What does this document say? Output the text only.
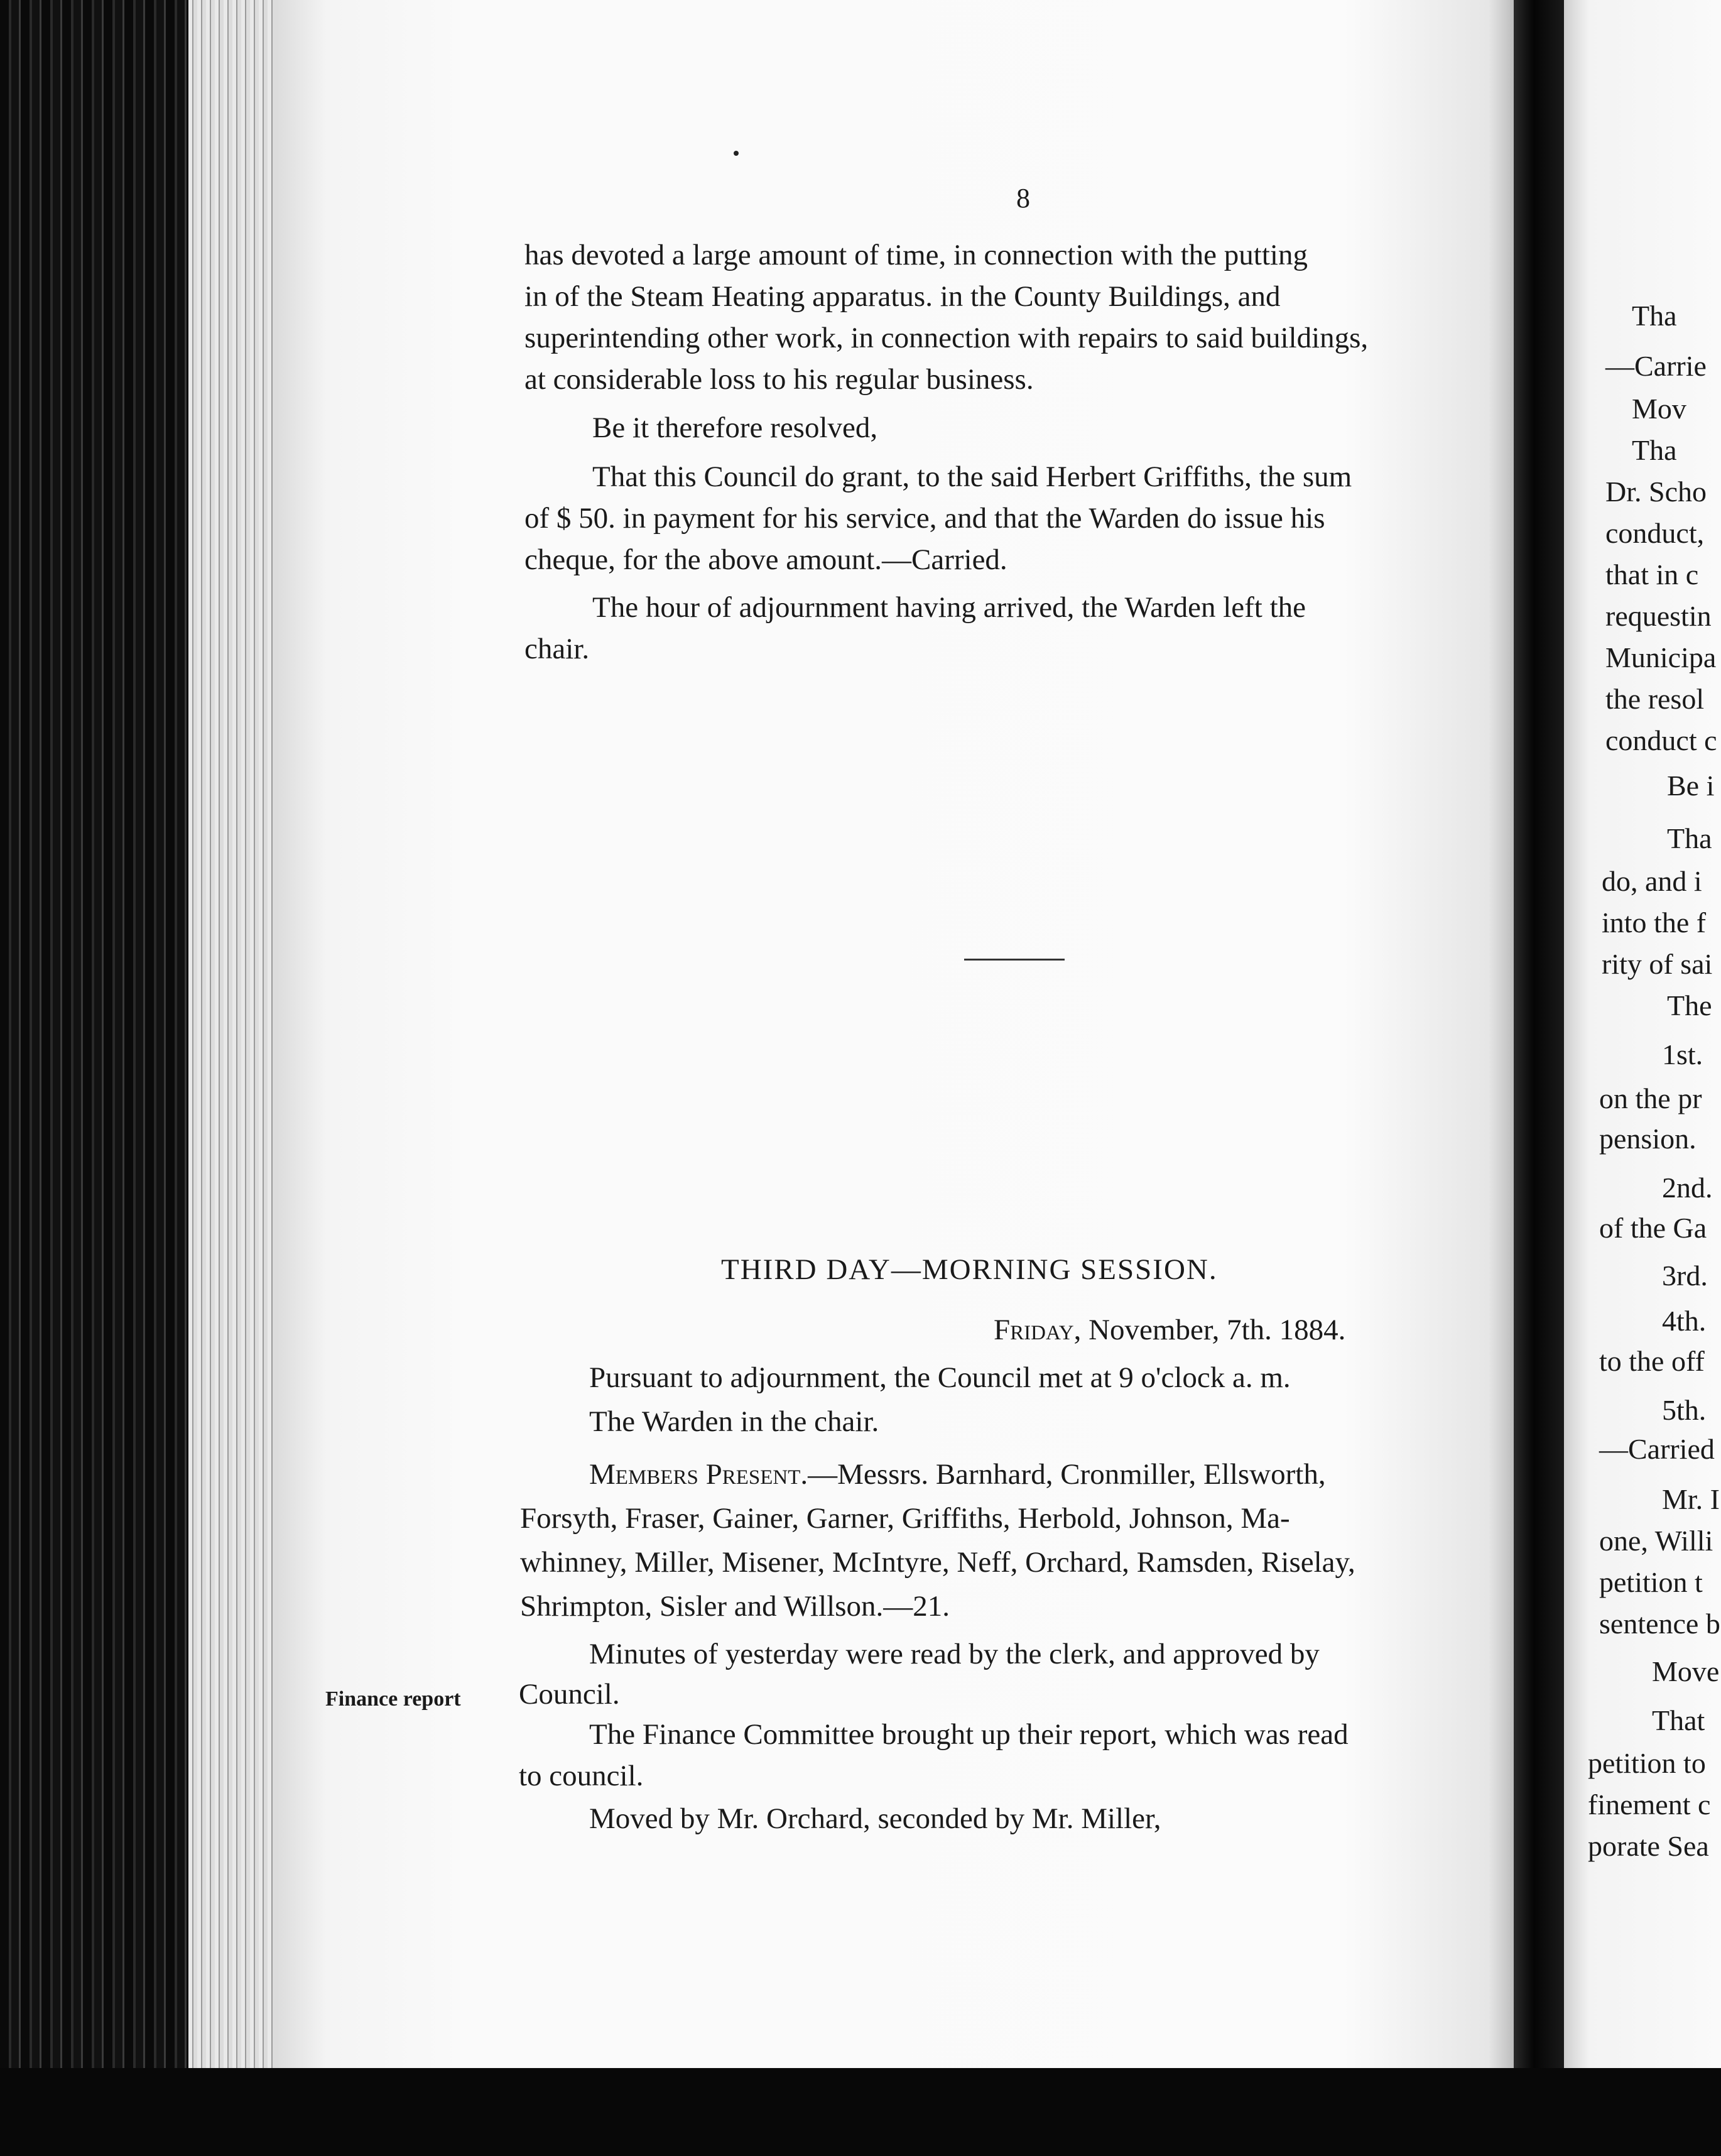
8
has devoted a large amount of time, in connection with the putting
in of the Steam Heating apparatus. in the County Buildings, and
superintending other work, in connection with repairs to said buildings,
at considerable loss to his regular business.
Be it therefore resolved,
That this Council do grant, to the said Herbert Griffiths, the sum
of $ 50. in payment for his service, and that the Warden do issue his
cheque, for the above amount.—Carried.
The hour of adjournment having arrived, the Warden left the
chair.
THIRD DAY—MORNING SESSION.
Friday, November, 7th. 1884.
Pursuant to adjournment, the Council met at 9 o'clock a. m.
The Warden in the chair.
Members Present.—Messrs. Barnhard, Cronmiller, Ellsworth,
Forsyth, Fraser, Gainer, Garner, Griffiths, Herbold, Johnson, Ma-
whinney, Miller, Misener, McIntyre, Neff, Orchard, Ramsden, Riselay,
Shrimpton, Sisler and Willson.—21.
Minutes of yesterday were read by the clerk, and approved by
Council.
Finance report
The Finance Committee brought up their report, which was read
to council.
Moved by Mr. Orchard, seconded by Mr. Miller,
Tha
—Carrie
Mov
Tha
Dr. Scho
conduct,
that in c
requestin
Municipa
the resol
conduct c
Be i
Tha
do, and i
into the f
rity of sai
The
1st.
on the pr
pension.
2nd.
of the Ga
3rd.
4th.
to the off
5th.
—Carried
Mr. I
one, Willi
petition t
sentence b
Move
That
petition to
finement c
porate Sea
